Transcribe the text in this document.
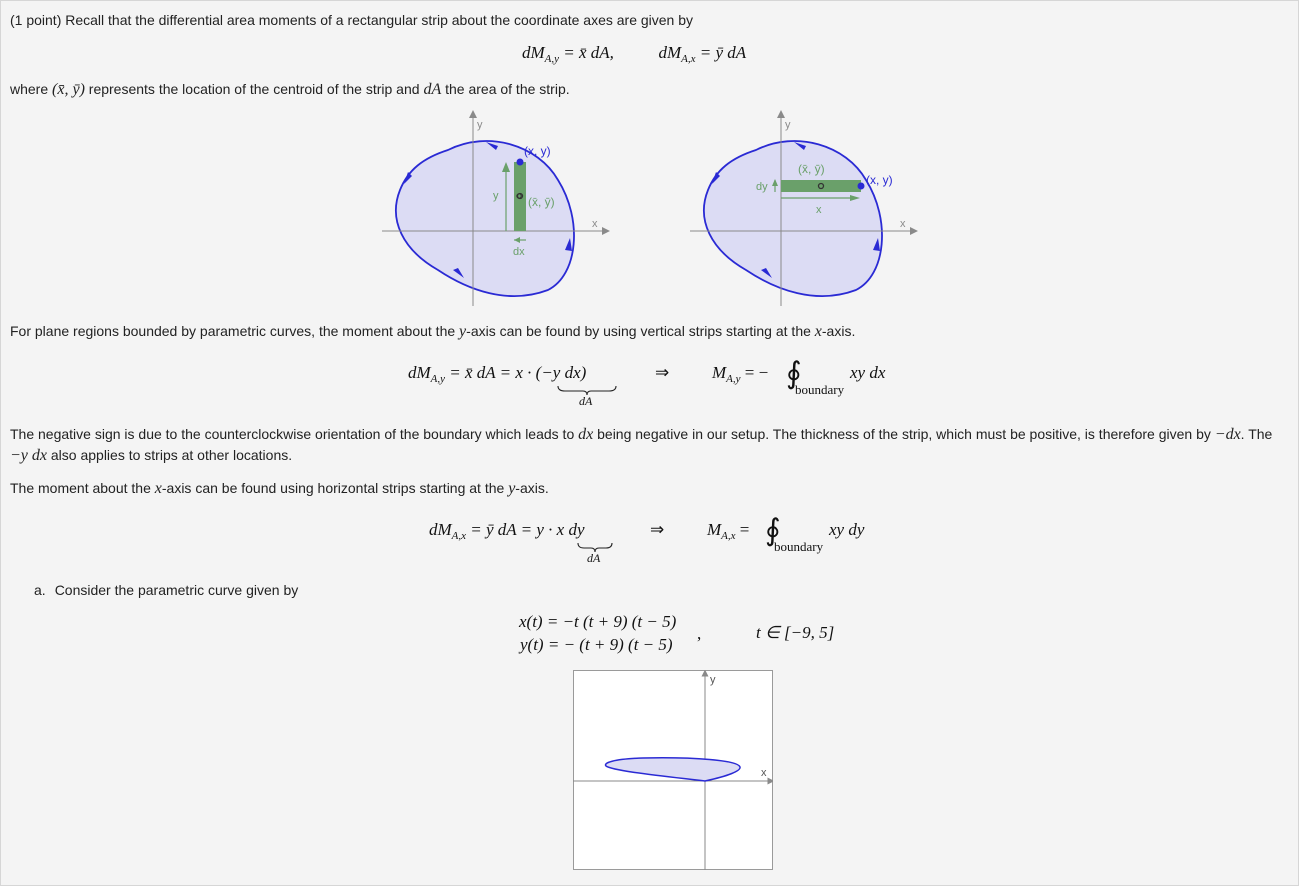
(1 point) Recall that the differential area moments of a rectangular strip about the coordinate axes are given by

$dM_{A,y}$ = x̄ dA,	$dM_{A,x}$ = ȳ dA

where (x̄, ȳ) represents the location of the centroid of the strip and dA the area of the strip.

y
x
(x, y)
(x̄, ȳ)
y
dx
y
x
(x, y)
(x̄, ȳ)
dy
x

For plane regions bounded by parametric curves, the moment about the y-axis can be found by using vertical strips starting at the x-axis.

$dM_{A,y}$ = x̄ dA = x · (−y dx)
dA
⇒	$M_{A,y}$ = − ∮
boundary
xy dx

The negative sign is due to the counterclockwise orientation of the boundary which leads to dx being negative in our setup. The thickness of the strip, which must be positive, is therefore given by −dx. The −y dx also applies to strips at other locations.

The moment about the x-axis can be found using horizontal strips starting at the y-axis.

$dM_{A,x}$ = ȳ dA = y · x dy
dA
⇒	$M_{A,x}$ = ∮
boundary
xy dy

a. Consider the parametric curve given by

x(t) = −t (t + 9) (t − 5)
y(t) = − (t + 9) (t − 5)
,	t ∈ [−9, 5]
y
x
